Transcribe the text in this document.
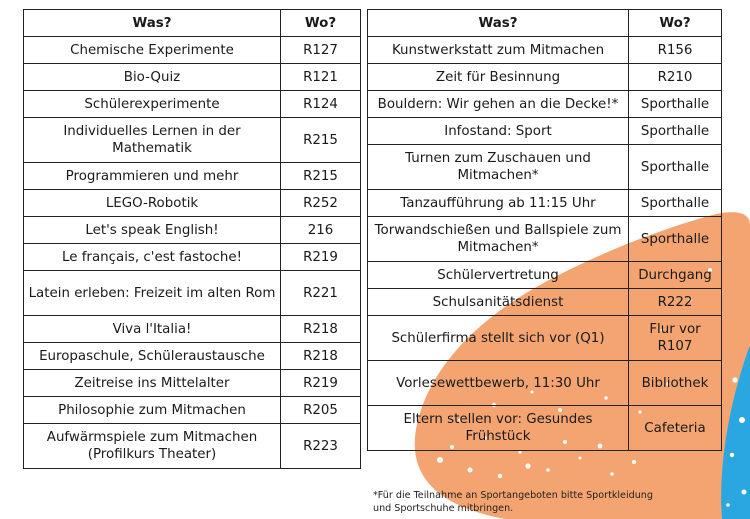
Was?	Wo?
Chemische Experimente	R127
Bio-Quiz	R121
Schülerexperimente	R124
Individuelles Lernen in der Mathematik	R215
Programmieren und mehr	R215
LEGO-Robotik	R252
Let's speak English!	216
Le français, c'est fastoche!	R219
Latein erleben: Freizeit im alten Rom	R221
Viva l'Italia!	R218
Europaschule, Schüleraustausche	R218
Zeitreise ins Mittelalter	R219
Philosophie zum Mitmachen	R205
Aufwärmspiele zum Mitmachen (Profilkurs Theater)	R223
Was?	Wo?
Kunstwerkstatt zum Mitmachen	R156
Zeit für Besinnung	R210
Bouldern: Wir gehen an die Decke!*	Sporthalle
Infostand: Sport	Sporthalle
Turnen zum Zuschauen und Mitmachen*	Sporthalle
Tanzaufführung ab 11:15 Uhr	Sporthalle
Torwandschießen und Ballspiele zum Mitmachen*	Sporthalle
Schülervertretung	Durchgang
Schulsanitätsdienst	R222
Schülerfirma stellt sich vor (Q1)	Flur vor R107
Vorlesewettbewerb, 11:30 Uhr	Bibliothek
Eltern stellen vor: Gesundes Frühstück	Cafeteria
*Für die Teilnahme an Sportangeboten bitte Sportkleidung und Sportschuhe mitbringen.
